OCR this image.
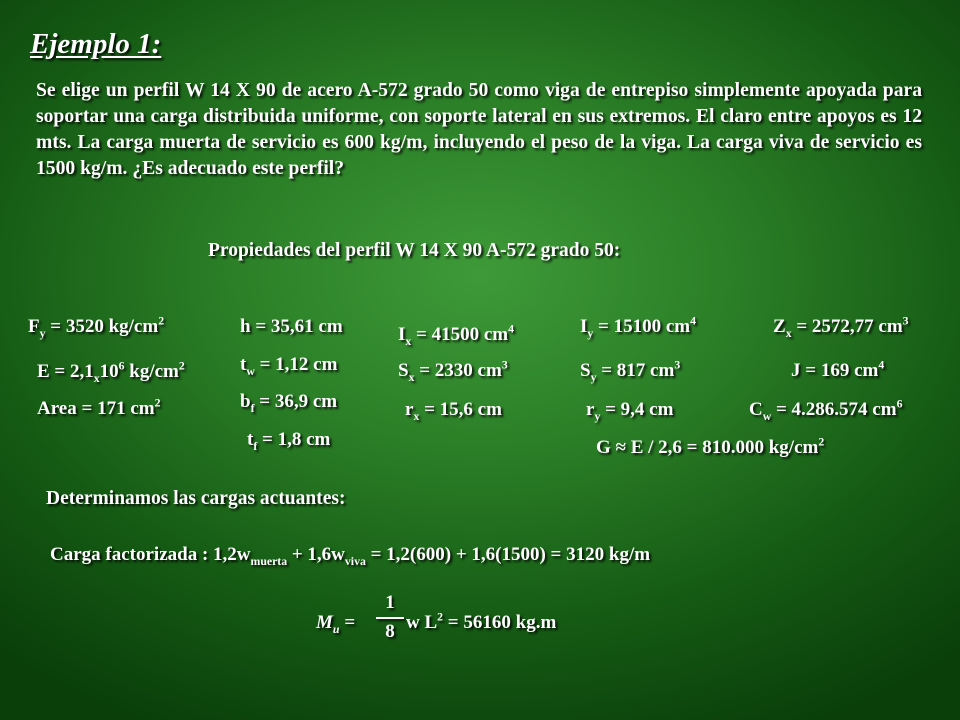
Ejemplo 1:
Se elige un perfil W 14 X 90 de acero A-572 grado 50 como viga de entrepiso simplemente apoyada para soportar una carga distribuida uniforme, con soporte lateral en sus extremos. El claro entre apoyos es 12 mts. La carga muerta de servicio es 600 kg/m, incluyendo el peso de la viga. La carga viva de servicio es 1500 kg/m. ¿Es adecuado este perfil?
Propiedades del perfil W 14 X 90 A-572 grado 50:
$F_y = 3520$ $kg/cm^2$
$E = 2,1_x10^6$ $kg/cm^2$
Area = 171 $cm^2$
h = 35,61 cm
$t_w = 1,12$ cm
$b_f = 36,9$ cm
$t_f = 1,8$ cm
$I_x = 41500$ $cm^4$
$S_x = 2330$ $cm^3$
$r_x = 15,6$ cm
$I_y = 15100$ $cm^4$
$S_y = 817$ $cm^3$
$r_y = 9,4$ cm
G ≈ E / 2,6 = 810.000 $kg/cm^2$
$Z_x = 2572,77$ $cm^3$
J = 169 $cm^4$
$C_w = 4.286.574$ $cm^6$
Determinamos las cargas actuantes:
Carga factorizada : $1,2w_{muerta} + 1,6w_{viva} = 1,2(600) + 1,6(1500) = 3120$ kg/m
$M_u$ =
1
8 w $L^2 = 56160$ kg.m
